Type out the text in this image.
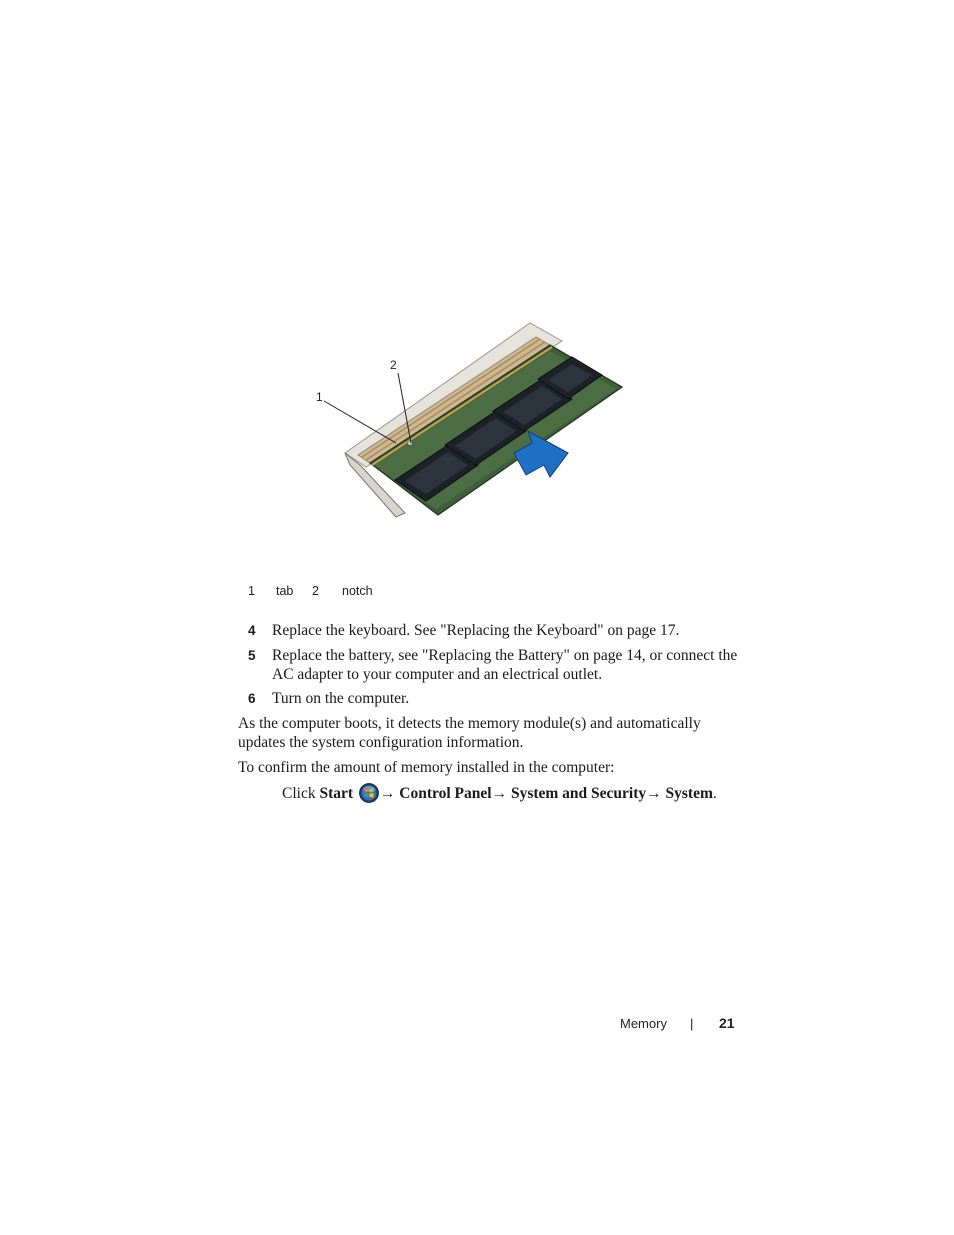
1
2
1 tab 2 notch
4 Replace the keyboard. See "Replacing the Keyboard" on page 17.
5 Replace the battery, see "Replacing the Battery" on page 14, or connect the AC adapter to your computer and an electrical outlet.
6 Turn on the computer.
As the computer boots, it detects the memory module(s) and automatically updates the system configuration information.
To confirm the amount of memory installed in the computer:
Click Start → Control Panel→ System and Security→ System.
Memory | 21
